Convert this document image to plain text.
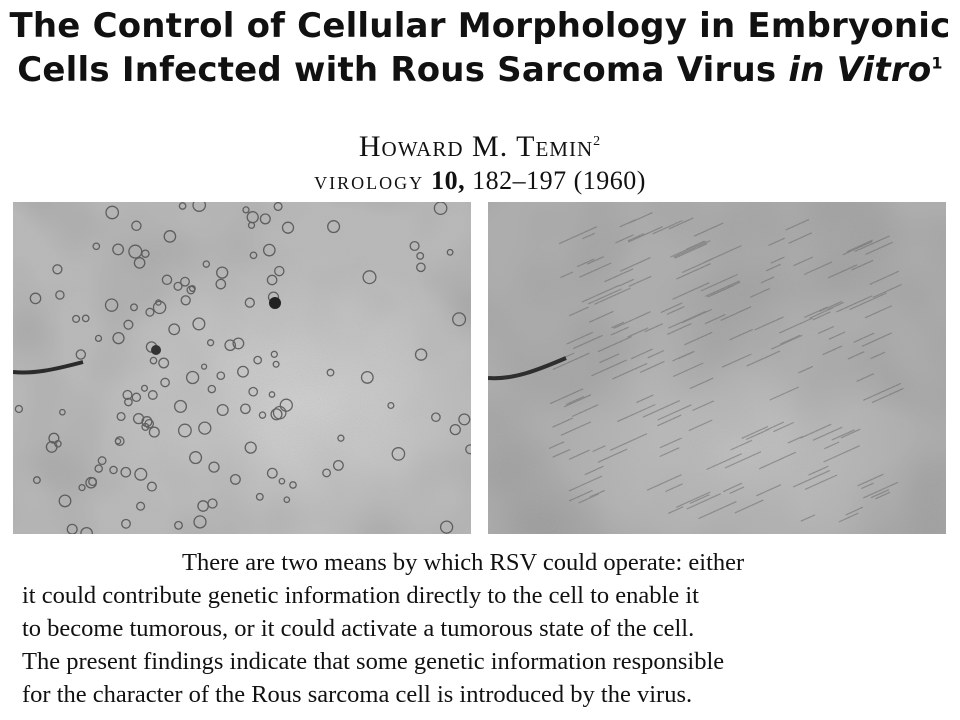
The Control of Cellular Morphology in Embryonic Cells Infected with Rous Sarcoma Virus in Vitro$^1$
Howard M. Temin$^2$
virology 10, 182–197 (1960)

There are two means by which RSV could operate: either
it could contribute genetic information directly to the cell to enable it
to become tumorous, or it could activate a tumorous state of the cell.
The present findings indicate that some genetic information responsible
for the character of the Rous sarcoma cell is introduced by the virus.
